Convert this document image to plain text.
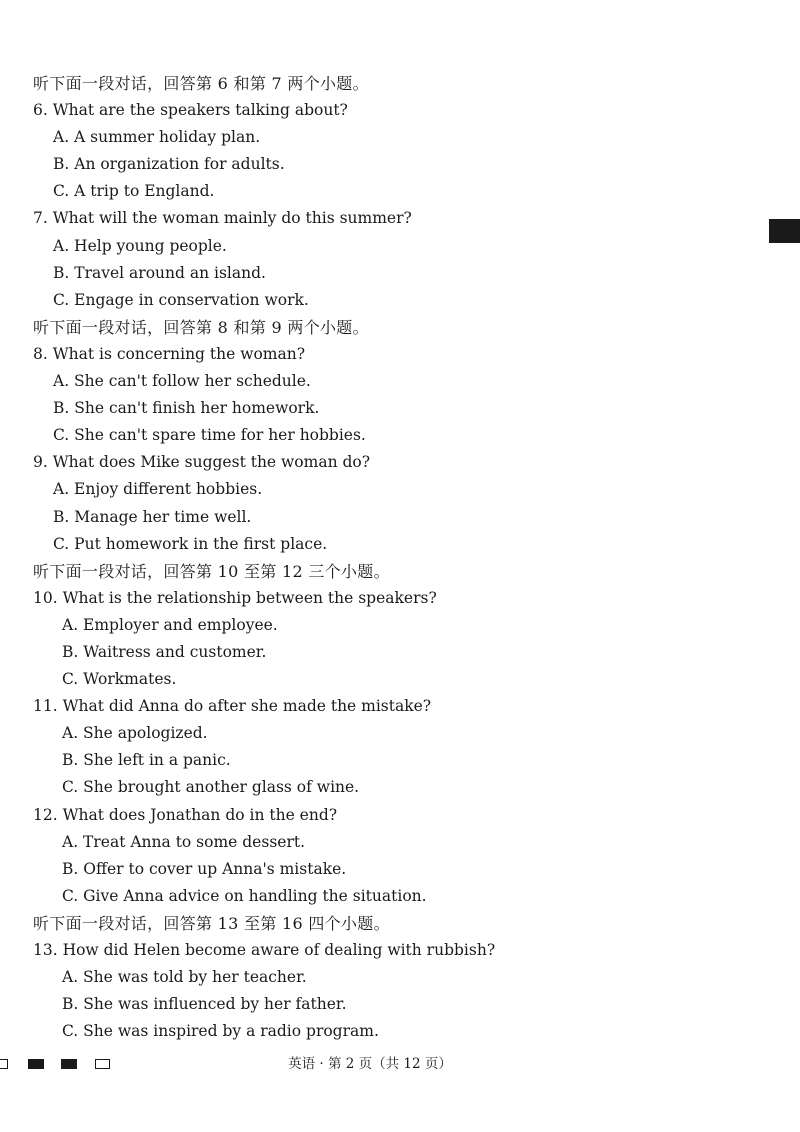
听下面一段对话，回答第 6 和第 7 两个小题。
6. What are the speakers talking about?
A. A summer holiday plan.
B. An organization for adults.
C. A trip to England.
7. What will the woman mainly do this summer?
A. Help young people.
B. Travel around an island.
C. Engage in conservation work.
听下面一段对话，回答第 8 和第 9 两个小题。
8. What is concerning the woman?
A. She can't follow her schedule.
B. She can't finish her homework.
C. She can't spare time for her hobbies.
9. What does Mike suggest the woman do?
A. Enjoy different hobbies.
B. Manage her time well.
C. Put homework in the first place.
听下面一段对话，回答第 10 至第 12 三个小题。
10. What is the relationship between the speakers?
A. Employer and employee.
B. Waitress and customer.
C. Workmates.
11. What did Anna do after she made the mistake?
A. She apologized.
B. She left in a panic.
C. She brought another glass of wine.
12. What does Jonathan do in the end?
A. Treat Anna to some dessert.
B. Offer to cover up Anna's mistake.
C. Give Anna advice on handling the situation.
听下面一段对话，回答第 13 至第 16 四个小题。
13. How did Helen become aware of dealing with rubbish?
A. She was told by her teacher.
B. She was influenced by her father.
C. She was inspired by a radio program.
英语 · 第 2 页（共 12 页）
